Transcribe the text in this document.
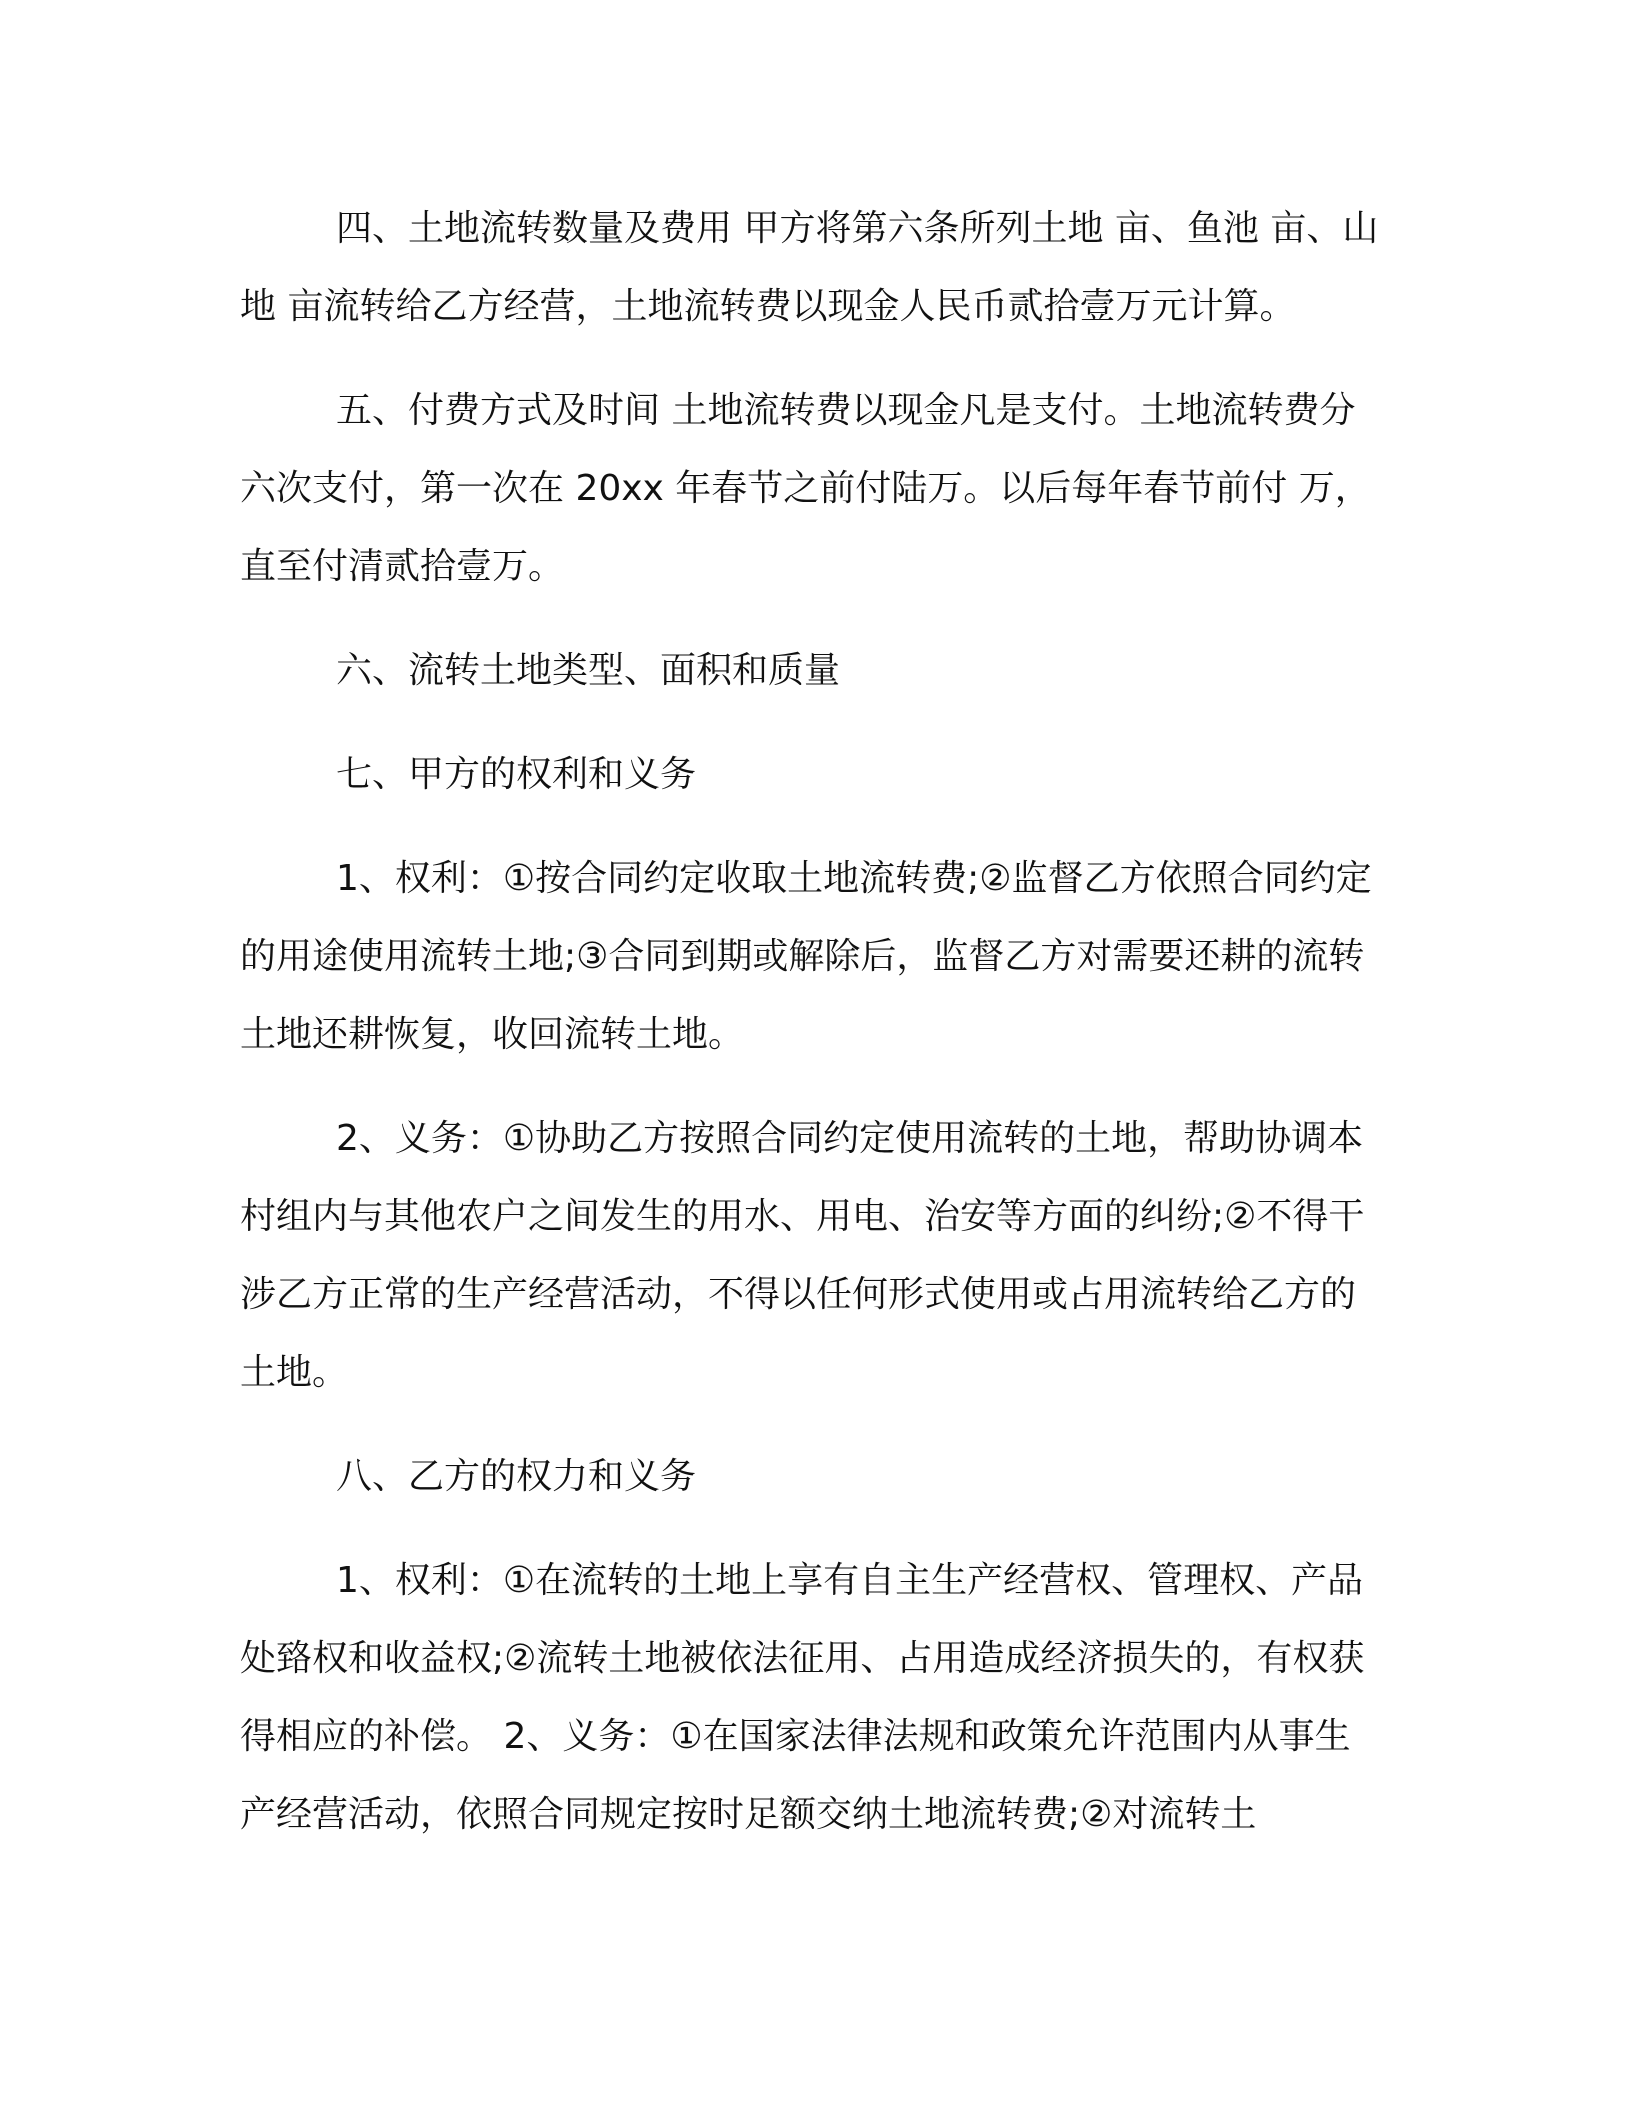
四、土地流转数量及费用 甲方将第六条所列土地 亩、鱼池 亩、山地 亩流转给乙方经营，土地流转费以现金人民币贰拾壹万元计算。

五、付费方式及时间 土地流转费以现金凡是支付。土地流转费分六次支付，第一次在 20xx 年春节之前付陆万。以后每年春节前付 万，直至付清贰拾壹万。

六、流转土地类型、面积和质量

七、甲方的权利和义务

1、权利：①按合同约定收取土地流转费;②监督乙方依照合同约定的用途使用流转土地;③合同到期或解除后，监督乙方对需要还耕的流转土地还耕恢复，收回流转土地。

2、义务：①协助乙方按照合同约定使用流转的土地，帮助协调本村组内与其他农户之间发生的用水、用电、治安等方面的纠纷;②不得干涉乙方正常的生产经营活动，不得以任何形式使用或占用流转给乙方的土地。

八、乙方的权力和义务

1、权利：①在流转的土地上享有自主生产经营权、管理权、产品处臵权和收益权;②流转土地被依法征用、占用造成经济损失的，有权获得相应的补偿。 2、义务：①在国家法律法规和政策允许范围内从事生产经营活动，依照合同规定按时足额交纳土地流转费;②对流转土
